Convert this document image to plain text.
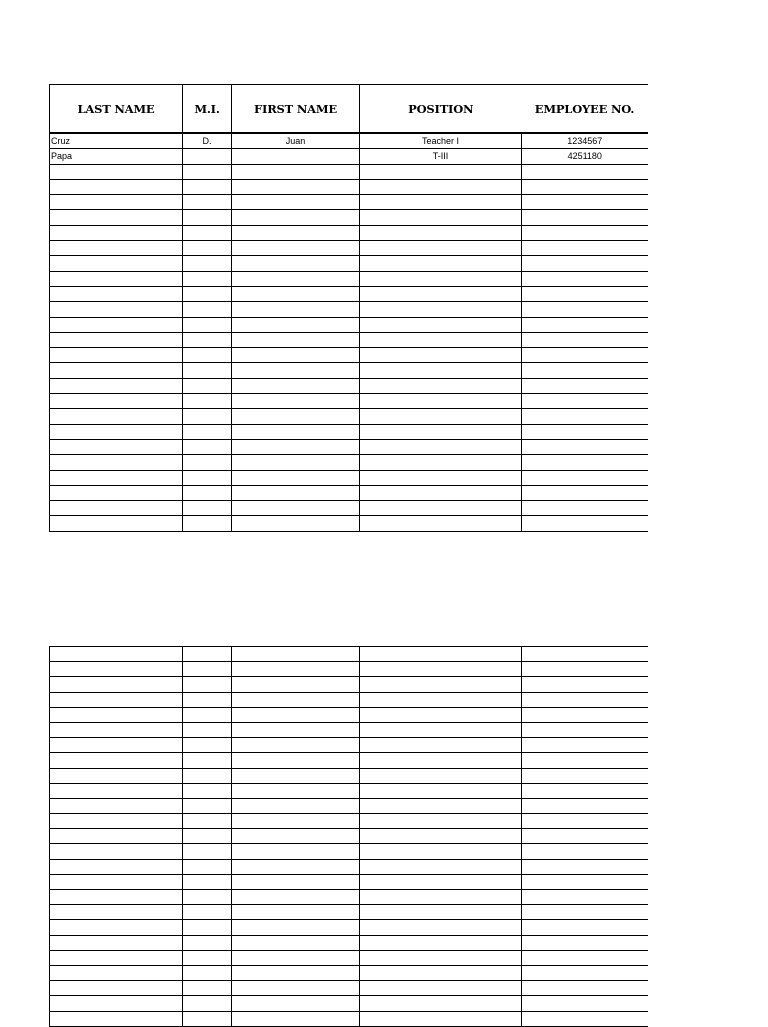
LAST NAME	M.I.	FIRST NAME	POSITION	EMPLOYEE NO.
Cruz	D.	Juan	Teacher I	1234567
Papa			T-III	4251180
